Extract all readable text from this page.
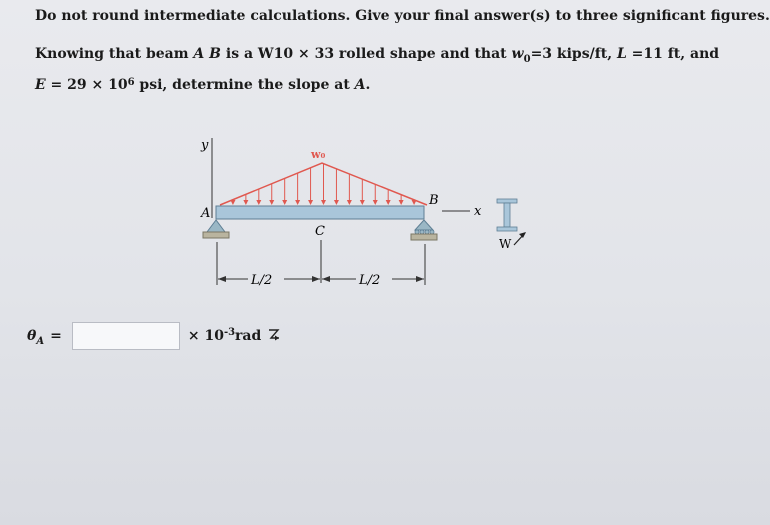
Do not round intermediate calculations. Give your final answer(s) to three significant figures.
Knowing that beam A B is a W10 × 33 rolled shape and that $w_0=3$ kips/ft, L =11 ft, and
$E = 29 \times 10^6$ psi, determine the slope at A.
y
w₀
A
B
x
C
L/2	L/2
W
$\theta_A$ =	× $10^{-3}$ rad
